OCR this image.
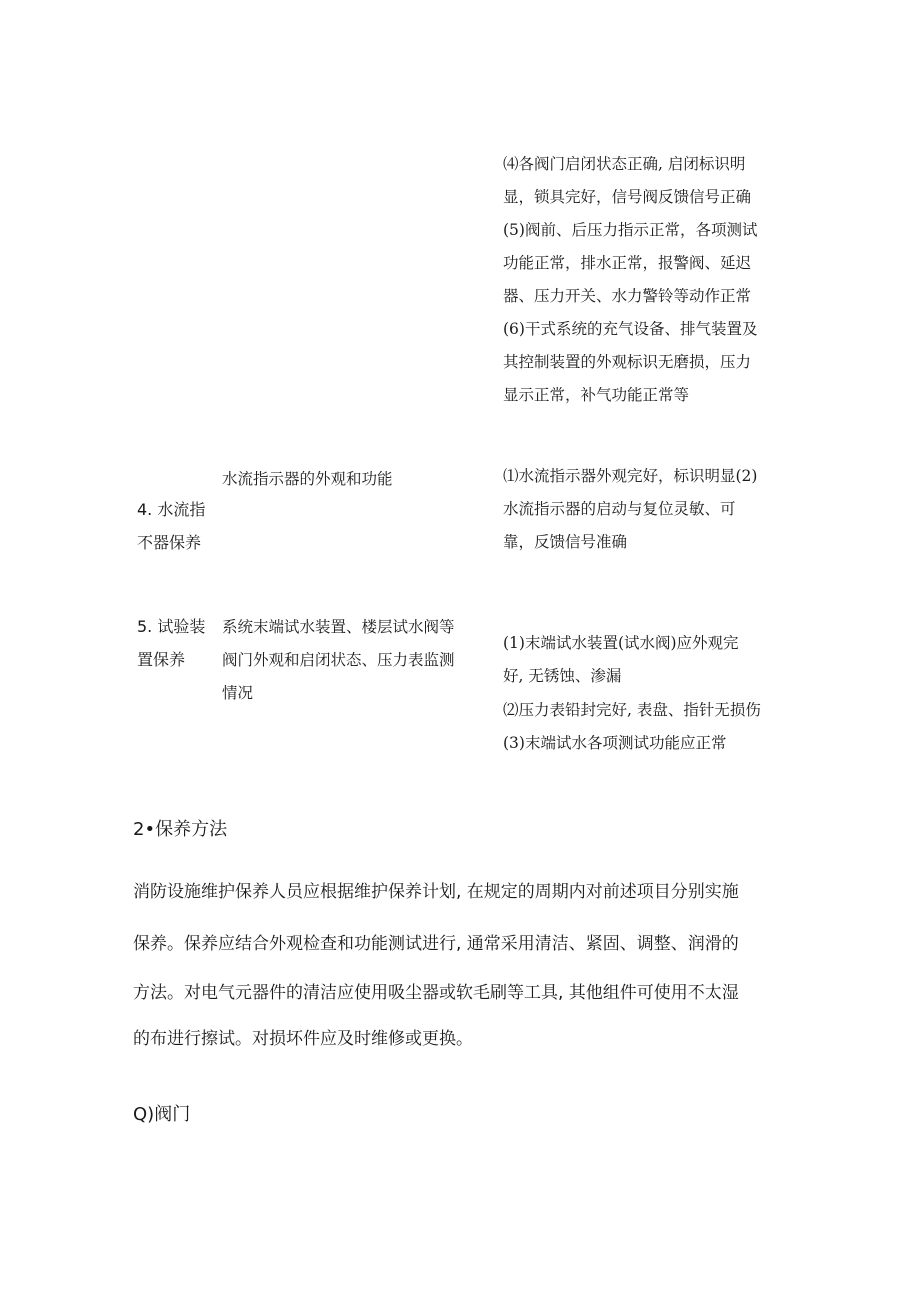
⑷各阀门启闭状态正确, 启闭标识明
显，锁具完好，信号阀反馈信号正确
(5)阀前、后压力指示正常，各项测试
功能正常，排水正常，报警阀、延迟
器、压力开关、水力警铃等动作正常
(6)干式系统的充气设备、排气装置及
其控制装置的外观标识无磨损，压力
显示正常，补气功能正常等
4. 水流指
不器保养
水流指示器的外观和功能	⑴水流指示器外观完好，标识明显(2)
水流指示器的启动与复位灵敏、可
靠，反馈信号准确
5. 试验装
置保养
系统末端试水装置、楼层试水阀等
阀门外观和启闭状态、压力表监测
情况
(1)末端试水装置(试水阀)应外观完
好, 无锈蚀、渗漏
⑵压力表铅封完好, 表盘、指针无损伤
(3)末端试水各项测试功能应正常
2•保养方法
消防设施维护保养人员应根据维护保养计划, 在规定的周期内对前述项目分别实施
保养。保养应结合外观检查和功能测试进行, 通常采用清洁、紧固、调整、润滑的
方法。对电气元器件的清洁应使用吸尘器或软毛刷等工具, 其他组件可使用不太湿
的布进行擦试。对损坏件应及时维修或更换。
Q)阀门
